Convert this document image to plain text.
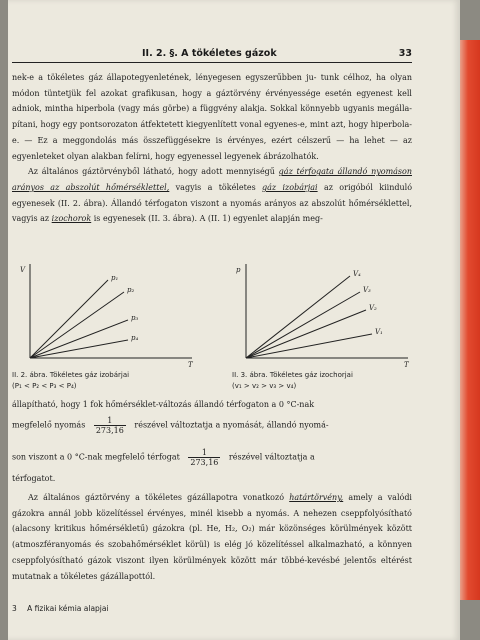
II. 2. §. A tökéletes gázok	33

nek-e a tökéletes gáz állapotegyenletének, lényegesen egyszerűbben ju- tunk célhoz, ha olyan módon tüntetjük fel azokat grafikusan, hogy a gáztörvény érvényessége esetén egyenest kell adniok, mintha hiperbola (vagy más görbe) a függvény alakja. Sokkal könnyebb ugyanis megálla- pítani, hogy egy pontsorozaton átfektetett kiegyenlített vonal egyenes-e, mint azt, hogy hiperbola-e. — Ez a meggondolás más összefüggésekre is érvényes, ezért célszerű — ha lehet — az egyenleteket olyan alakban felírni, hogy egyenessel legyenek ábrázolhatók.

Az általános gáztörvényből látható, hogy adott mennyiségű gáz térfogata állandó nyomáson arányos az abszolút hőmérséklettel, vagyis a tökéletes gáz izobárjai az origóból kiinduló egyenesek (II. 2. ábra). Állandó térfogaton viszont a nyomás arányos az abszolút hőmérséklettel, vagyis az izochorok is egyenesek (II. 3. ábra). A (II. 1) egyenlet alapján meg-

V
T
p₁
p₂
p₃
p₄
p
T
V₄
V₃
V₂
V₁
II. 2. ábra. Tökéletes gáz izobárjai
(P₁ < P₂ < P₃ < P₄)
II. 3. ábra. Tökéletes gáz izochorjai
(v₁ > v₂ > v₃ > v₄)
állapítható, hogy 1 fok hőmérséklet-változás állandó térfogaton a 0 °C-nak
megfelelő nyomás $\frac{1}{273,16}$ részével változtatja a nyomását, állandó nyomá-
son viszont a 0 °C-nak megfelelő térfogat $\frac{1}{273,16}$ részével változtatja a
térfogatot.

Az általános gáztörvény a tökéletes gázállapotra vonatkozó határtörvény, amely a valódi gázokra annál jobb közelítéssel érvényes, minél kisebb a nyomás. A nehezen cseppfolyósítható (alacsony kritikus hőmérsékletű) gázokra (pl. He, H₂, O₂) már közönséges körülmények között (atmoszféranyomás és szobahőmérséklet körül) is elég jó közelítéssel alkalmazható, a könnyen cseppfolyósítható gázok viszont ilyen körülmények között már többé-kevésbé jelentős eltérést mutatnak a tökéletes gázállapottól.

3 A fizikai kémia alapjai
